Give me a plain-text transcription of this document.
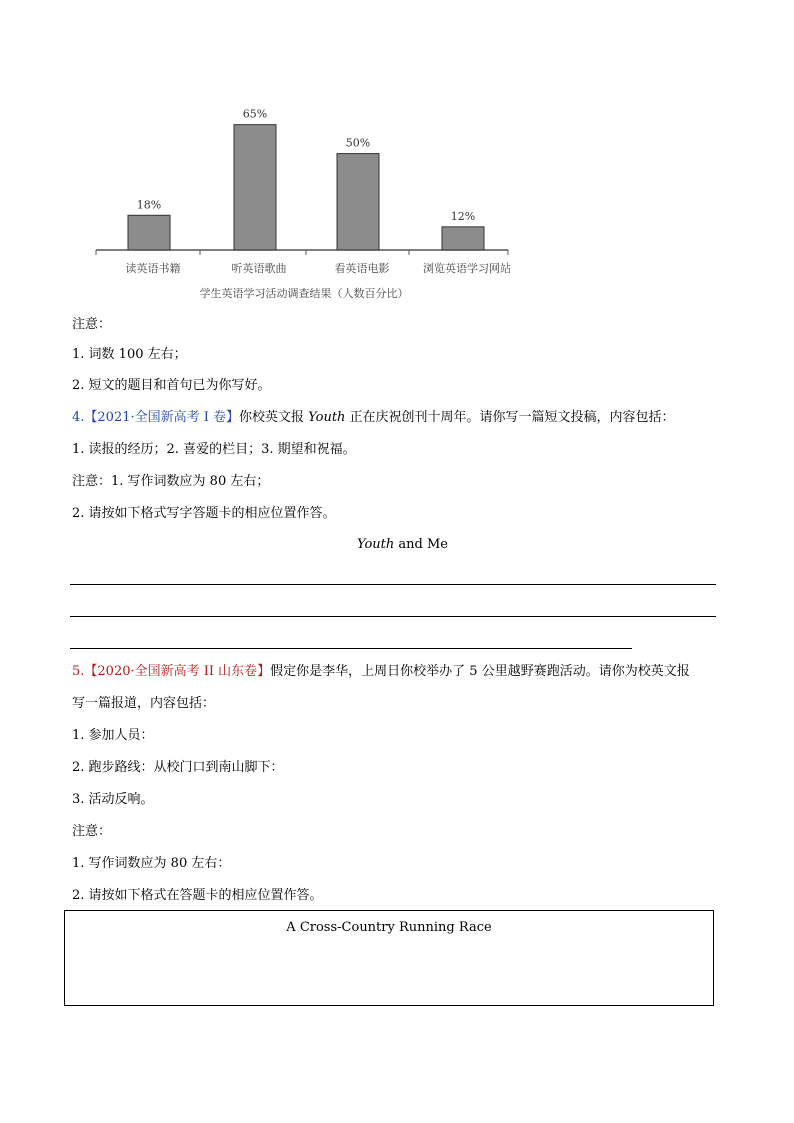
18%
读英语书籍
65%
听英语歌曲
50%
看英语电影
12%
浏览英语学习网站
学生英语学习活动调查结果（人数百分比）
注意：
1. 词数 100 左右；
2. 短文的题目和首句已为你写好。
4.【2021·全国新高考 I 卷】你校英文报 Youth 正在庆祝创刊十周年。请你写一篇短文投稿，内容包括：
1. 读报的经历；2. 喜爱的栏目；3. 期望和祝福。
注意：1. 写作词数应为 80 左右；
2. 请按如下格式写字答题卡的相应位置作答。
Youth and Me
5.【2020·全国新高考 II 山东卷】假定你是李华，上周日你校举办了 5 公里越野赛跑活动。请你为校英文报
写一篇报道，内容包括：
1. 参加人员：
2. 跑步路线：从校门口到南山脚下：
3. 活动反响。
注意：
1. 写作词数应为 80 左右：
2. 请按如下格式在答题卡的相应位置作答。
A Cross-Country Running Race
